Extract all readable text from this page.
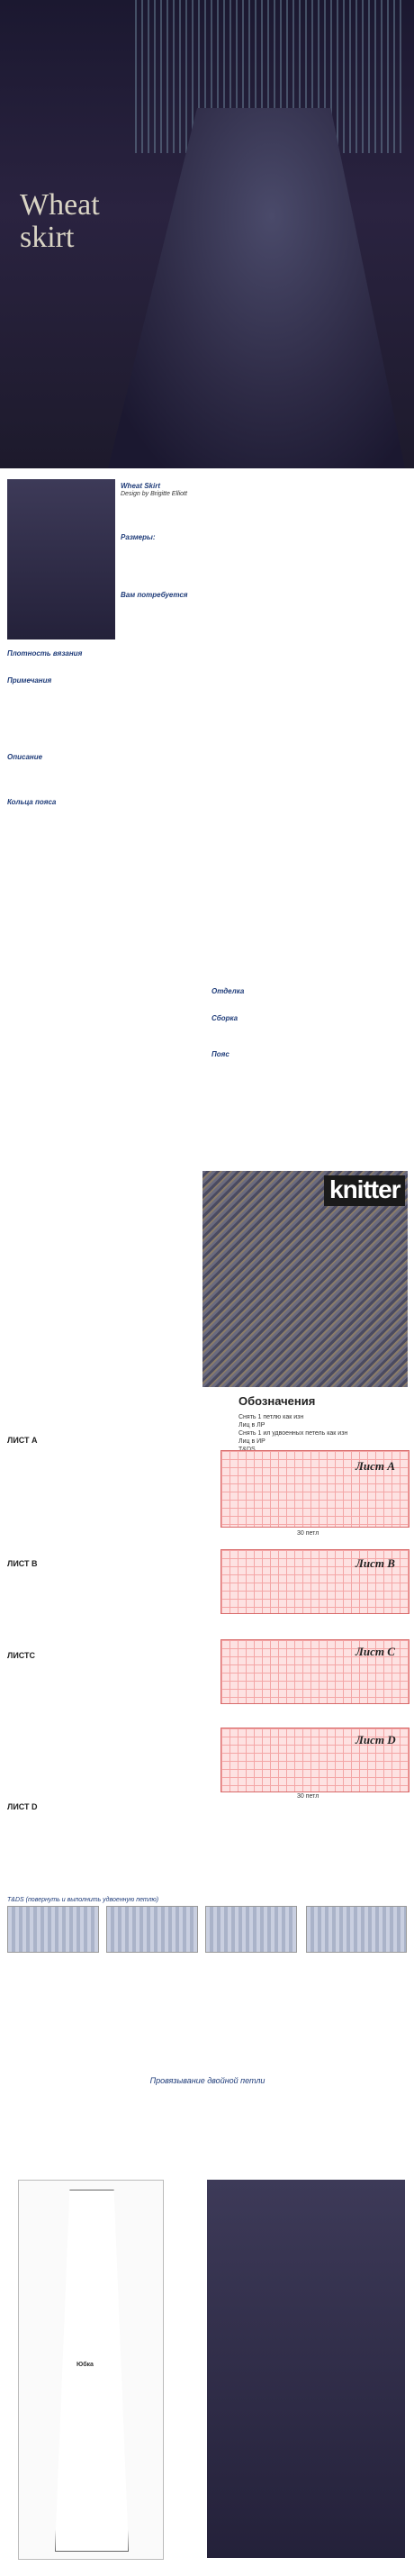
Wheat
skirt
Wheat Skirt
Design by Brigitte Elliott
Размеры:
Вам потребуется
Плотность вязания
Примечания
Описание
Кольца пояса
Отделка
Сборка
Пояс
knitter
Обозначения
Снять 1 петлю как изн
Лиц в ЛР
Снять 1 ил удвоенных петель как изн
Лиц в ИР
Лист A
30 петл
Лист B
Лист C
Лист D
30 петл
ЛИСТ А
ЛИСТ В
ЛИСТС
ЛИСТ D
T&DS (повернуть и выполнить удвоенную петлю)
Провязывание двойной петли
Юбка
